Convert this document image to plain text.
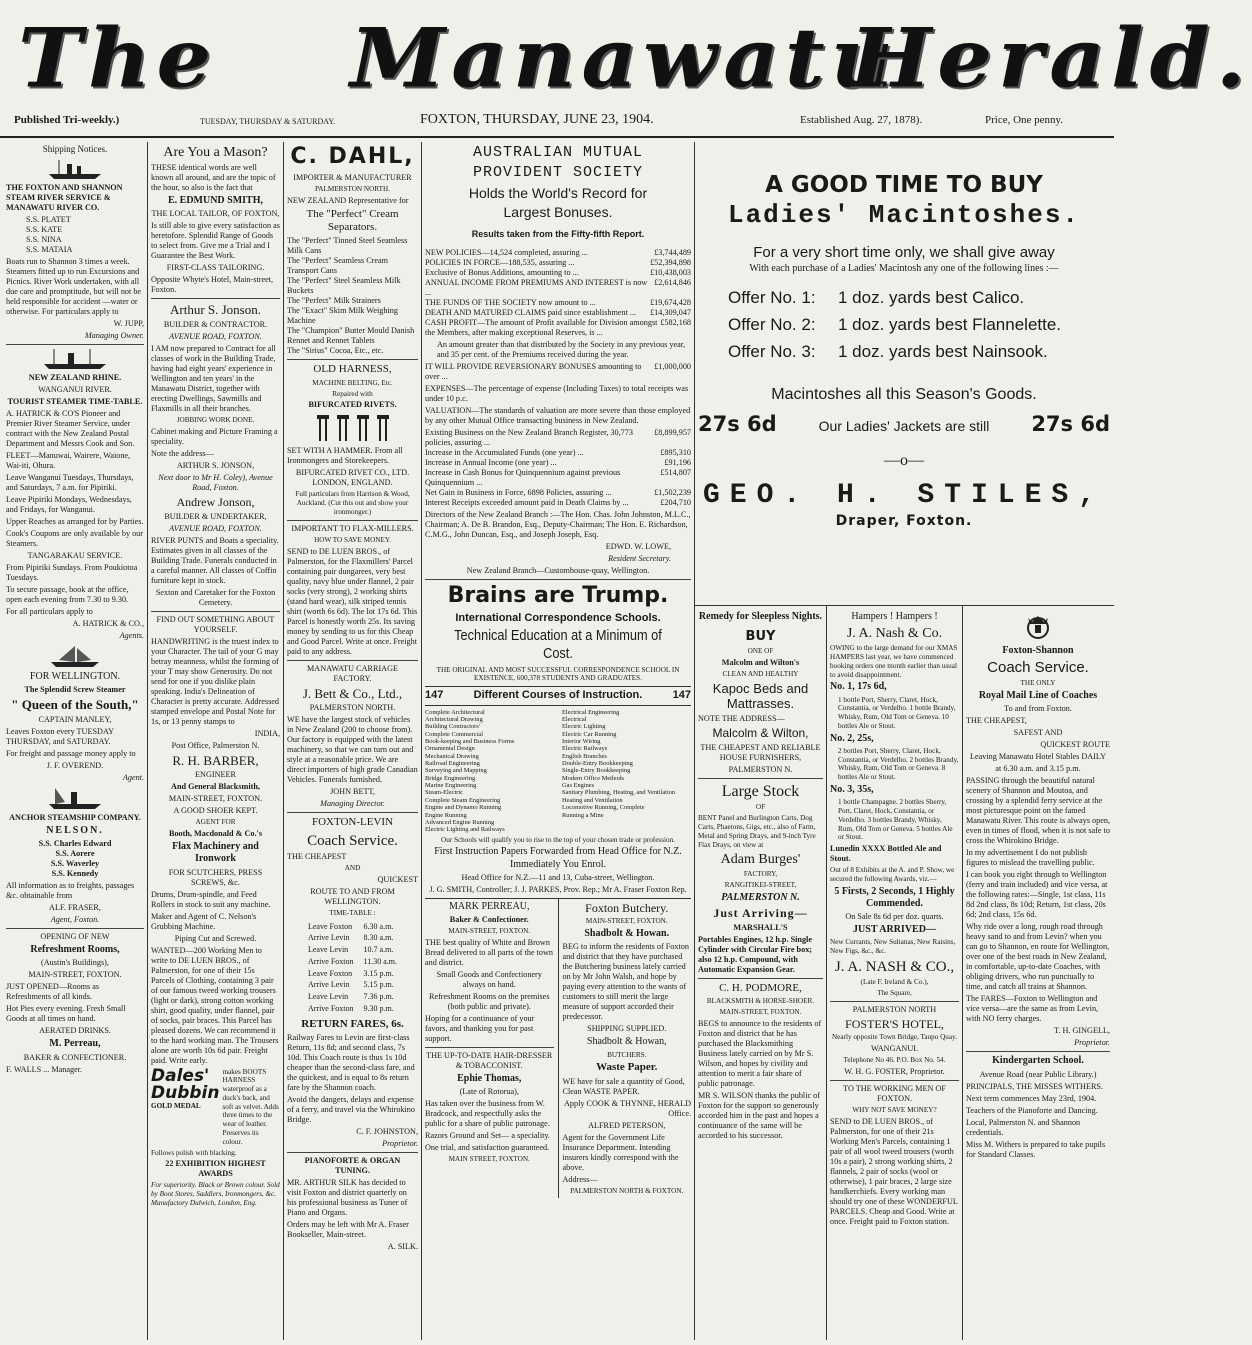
The Manawatu
Herald.
Published Tri-weekly.)	TUESDAY, THURSDAY & SATURDAY.	FOXTON, THURSDAY, JUNE 23, 1904.	Established Aug. 27, 1878).	Price, One penny.

Shipping Notices.

THE FOXTON AND SHANNON STEAM RIVER SERVICE & MANAWATU RIVER CO.

S.S. PLATET
S.S. KATE
S.S. NINA
S.S. MATAIA

Boats run to Shannon 3 times a week. Steamers fitted up to run Excursions and Picnics. River Work undertaken, with all due care and promptitude, but will not be held responsible for accident —water or otherwise. For particulars apply to

W. JUPP,

Managing Owner.

NEW ZEALAND RHINE.

WANGANUI RIVER.

TOURIST STEAMER TIME-TABLE.

A. HATRICK & CO'S Pioneer and Premier River Steamer Service, under contract with the New Zealand Postal Department and Messrs Cook and Son.

FLEET—Manuwai, Wairere, Waione, Wai-iti, Ohura.

Leave Wanganui Tuesdays, Thursdays, and Saturdays, 7 a.m. for Pipiriki.

Leave Pipiriki Mondays, Wednesdays, and Fridays, for Wanganui.

Upper Reaches as arranged for by Parties.

Cook's Coupons are only available by our Steamers.

TANGARAKAU SERVICE.

From Pipiriki Sundays. From Poukiotoa Tuesdays.

To secure passage, book at the office, open each evening from 7.30 to 9.30.

For all particulars apply to

A. HATRICK & CO.,

Agents.

FOR WELLINGTON.

The Splendid Screw Steamer

" Queen of the South,"

CAPTAIN MANLEY,

Leaves Foxton every TUESDAY THURSDAY, and SATURDAY.

For freight and passage money apply to

J. F. OVEREND.

Agent.

ANCHOR STEAMSHIP COMPANY.

NELSON.

S.S. Charles Edward
S.S. Aorere
S.S. Waverley
S.S. Kennedy

All information as to freights, passages &c. obtainable from

ALF. FRASER,

Agent, Foxton.

OPENING OF NEW

Refreshment Rooms,

(Austin's Buildings),

MAIN-STREET, FOXTON.

JUST OPENED—Rooms as Refreshments of all kinds.

Hot Pies every evening. Fresh Small Goods at all times on hand.

AERATED DRINKS.

M. Perreau,

BAKER & CONFECTIONER.

F. WALLS ... Manager.

Are You a Mason?

THESE identical words are well known all around, and are the topic of the hour, so also is the fact that

E. EDMUND SMITH,

THE LOCAL TAILOR, OF FOXTON,

Is still able to give every satisfaction as heretofore. Splendid Range of Goods to select from. Give me a Trial and I Guarantee the Best Work.

FIRST-CLASS TAILORING.

Opposite Whyte's Hotel, Main-street, Foxton.

Arthur S. Jonson.

BUILDER & CONTRACTOR.

AVENUE ROAD, FOXTON.

I AM now prepared to Contract for all classes of work in the Building Trade, having had eight years' experience in Wellington and ten years' in the Manawatu District, together with erecting Dwellings, Sawmills and Flaxmills in all their branches.

JOBBING WORK DONE.

Cabinet making and Picture Framing a speciality.

Note the address—

ARTHUR S. JONSON,

Next door to Mr H. Coley), Avenue Road, Foxton.

Andrew Jonson,

BUILDER & UNDERTAKER,

AVENUE ROAD, FOXTON.

RIVER PUNTS and Boats a speciality. Estimates given in all classes of the Building Trade. Funerals conducted in a careful manner. All classes of Coffin furniture kept in stock.

Sexton and Caretaker for the Foxton Cemetery.

FIND OUT SOMETHING ABOUT YOURSELF.

HANDWRITING is the truest index to your Character. The tail of your G may betray meanness, whilst the forming of your T may show Generosity. Do not send for one if you dislike plain speaking. India's Delineation of Character is pretty accurate. Addressed stamped envelope and Postal Note for 1s, or 13 penny stamps to

INDIA,

Post Office, Palmerston N.

R. H. BARBER,

ENGINEER

And General Blacksmith,

MAIN-STREET, FOXTON.

A GOOD SHOER KEPT.

AGENT FOR

Booth, Macdonald & Co.'s

Flax Machinery and Ironwork

FOR SCUTCHERS, PRESS SCREWS, &c.

Drums, Drum-spindle, and Feed Rollers in stock to suit any machine.

Maker and Agent of C. Nelson's Grubbing Machine.

Piping Cut and Screwed.

WANTED—200 Working Men to write to DE LUEN BROS., of Palmerston, for one of their 15s Parcels of Clothing, containing 3 pair of our famous tweed working trousers (light or dark), strong cotton working shirt, good quality, under flannel, pair of socks, pair braces. This Parcel has pleased dozens. We can recommend it to the hard working man. The Trousers alone are worth 10s 6d pair. Freight paid. Write early.

Dales' Dubbin
GOLD MEDAL
makes BOOTS HARNESS waterproof as a duck's back, and soft as velvet. Adds three times to the wear of leather. Preserves its colour.

Follows polish with blacking.

22 EXHIBITION HIGHEST AWARDS

For superiority. Black or Brown colour. Sold by Boot Stores, Saddlers, Ironmongers, &c. Manufactory Dulwich, London, Eng.

C. DAHL,

IMPORTER & MANUFACTURER

PALMERSTON NORTH.

NEW ZEALAND Representative for

The "Perfect" Cream Separators.

The "Perfect" Tinned Steel Seamless Milk Cans
The "Perfect" Seamless Cream Transport Cans
The "Perfect" Steel Seamless Milk Buckets
The "Perfect" Milk Strainers
The "Exact" Skim Milk Weighing Machine
The "Champion" Butter Mould Danish Rennet and Rennet Tablets
The "Sirius" Cocoa, Etc., etc.

OLD HARNESS,

MACHINE BELTING, Etc.

Repaired with

BIFURCATED RIVETS.

SET WITH A HAMMER. From all Ironmongers and Storekeepers.

BIFURCATED RIVET CO., LTD. LONDON, ENGLAND.

Full particulars from Harrison & Wood, Auckland. (Cut this out and show your ironmonger.)

IMPORTANT TO FLAX-MILLERS.

HOW TO SAVE MONEY.

SEND to DE LUEN BROS., of Palmerston, for the Flaxmillers' Parcel containing pair dungarees, very best quality, navy blue under flannel, 2 pair socks (very strong), 2 working shirts (stand hard wear), silk striped tennis shirt (worth 6s 6d). The lot 17s 6d. This Parcel is honestly worth 25s. Its saving money by sending to us for this Cheap and Good Parcel. Write at once. Freight paid to any address.

MANAWATU CARRIAGE FACTORY.

J. Bett & Co., Ltd.,

PALMERSTON NORTH.

WE have the largest stock of vehicles in New Zealand (200 to choose from). Our factory is equipped with the latest machinery, so that we can turn out and style at a reasonable price. We are direct importers of high grade Canadian Vehicles. Funerals furnished.

JOHN BETT,

Managing Director.

FOXTON-LEVIN

Coach Service.

THE CHEAPEST

AND

QUICKEST

ROUTE TO AND FROM WELLINGTON.

TIME-TABLE :

Leave Foxton	6.30 a.m.
Arrive Levin	8.30 a.m.
Leave Levin	10.7 a.m.
Arrive Foxton	11.30 a.m.
Leave Foxton	3.15 p.m.
Arrive Levin	5.15 p.m.
Leave Levin	7.36 p.m.
Arrive Foxton	9.30 p.m.

RETURN FARES, 6s.

Railway Fares to Levin are first-class Return, 11s 8d; and second class, 7s 10d. This Coach route is thus 1s 10d cheaper than the second-class fare, and the quickest, and is equal to 8s return fare by the Shannon coach.

Avoid the dangers, delays and expense of a ferry, and travel via the Whirokino Bridge.

C. F. JOHNSTON,

Proprietor.

PIANOFORTE & ORGAN TUNING.

MR. ARTHUR SILK has decided to visit Foxton and district quarterly on his professional business as Tuner of Piano and Organs.

Orders may be left with Mr A. Fraser Bookseller, Main-street.

A. SILK.

AUSTRALIAN MUTUAL

PROVIDENT SOCIETY

Holds the World's Record for

Largest Bonuses.

Results taken from the Fifty-fifth Report.

NEW POLICIES—14,524 completed, assuring ...	£3,744,489
POLICIES IN FORCE—188,535, assuring ...	£52,394,898
Exclusive of Bonus Additions, amounting to ...	£10,438,003
ANNUAL INCOME FROM PREMIUMS AND INTEREST is now ...
£2,614,846
THE FUNDS OF THE SOCIETY now amount to ...	£19,674,428
DEATH AND MATURED CLAIMS paid since establishment ... £14,309,047
CASH PROFIT—The amount of Profit available for Division amongst the Members, after making exceptional Reserves, is ...
£582,168

An amount greater than that distributed by the Society in any previous year, and 35 per cent. of the Premiums received during the year.

IT WILL PROVIDE REVERSIONARY BONUSES amounting to over ...
£1,000,000

EXPENSES—The percentage of expense (Including Taxes) to total receipts was under 10 p.c.

VALUATION—The standards of valuation are more severe than those employed by any other Mutual Office transacting business in New Zealand.

Existing Business on the New Zealand Branch Register, 30,773 policies, assuring ...
£8,899,957
Increase in the Accumulated Funds (one year) ...	£895,310
Increase in Annual Income (one year) ...	£91,196
Increase in Cash Bonus for Quinquennium against previous Quinquennium ...
£514,807
Net Gain in Business in Force, 6898 Policies, assuring ...	£1,502,239
Interest Receipts exceeded amount paid in Death Claims by ...	£204,710

Directors of the New Zealand Branch :—The Hon. Chas. John Johnston, M.L.C., Chairman; A. De B. Brandon, Esq., Deputy-Chairman; The Hon. E. Richardson, C.M.G., John Duncan, Esq., and Joseph Joseph, Esq.

EDWD. W. LOWE,

Resident Secretary.

New Zealand Branch—Customhouse-quay, Wellington.

Brains are Trump.

International Correspondence Schools.

Technical Education at a Minimum of Cost.

THE ORIGINAL AND MOST SUCCESSFUL CORRESPONDENCE SCHOOL IN EXISTENCE, 600,378 STUDENTS AND GRADUATES.

147	Different Courses of Instruction.	147
Complete Architectural
Architectural Drawing
Building Contractors'
Complete Commercial
Book-keeping and Business Forms
Ornamental Design
Mechanical Drawing
Railroad Engineering
Surveying and Mapping
Bridge Engineering
Marine Engineering
Steam-Electric
Complete Steam Engineering
Engine and Dynamo Running
Engine Running
Advanced Engine Running
Electric Lighting and Railways
Electrical Engineering
Electrical
Electric Lighting
Electric Car Running
Interior Wiring
Electric Railways
English Branches
Double-Entry Bookkeeping
Single-Entry Bookkeeping
Modern Office Methods
Gas Engines
Sanitary Plumbing, Heating, and Ventilation
Heating and Ventilation
Locomotive Running, Complete
Running a Mine

Our Schools will qualify you to rise to the top of your chosen trade or profession.

First Instruction Papers Forwarded from Head Office for N.Z. Immediately You Enrol.

Head Office for N.Z.—11 and 13, Cuba-street, Wellington.

J. G. SMITH, Controller; J. J. PARKES, Prov. Rep.; Mr A. Fraser Foxton Rep.

MARK PERREAU,

Baker & Confectioner.

MAIN-STREET, FOXTON.

THE best quality of White and Brown Bread delivered to all parts of the town and district.

Small Goods and Confectionery always on hand.

Refreshment Rooms on the premises (both public and private).

Hoping for a continuance of your favors, and thanking you for past support.

THE UP-TO-DATE HAIR-DRESSER & TOBACCONIST.

Ephie Thomas,

(Late of Rotorua),

Has taken over the business from W. Bradcock, and respectfully asks the public for a share of public patronage.

Razors Ground and Set— a speciality.

One trial, and satisfaction guaranteed.

MAIN STREET, FOXTON.

Foxton Butchery.

MAIN-STREET, FOXTON.

Shadbolt & Howan.

BEG to inform the residents of Foxton and district that they have purchased the Butchering business lately carried on by Mr John Walsh, and hope by paying every attention to the wants of customers to still merit the large measure of support accorded their predecessor.

SHIPPING SUPPLIED.

Shadbolt & Howan,

BUTCHERS.

Waste Paper.

WE have for sale a quantity of Good, Clean WASTE PAPER.

Apply COOK & THYNNE, HERALD Office.

ALFRED PETERSON,

Agent for the Government Life Insurance Department. Intending insurers kindly correspond with the above.

Address—

PALMERSTON NORTH & FOXTON.

A GOOD TIME TO BUY

Ladies' Macintoshes.

For a very short time only, we shall give away

With each purchase of a Ladies' Macintosh any one of the following lines :—

Offer No. 1: 1 doz. yards best Calico.
Offer No. 2: 1 doz. yards best Flannelette.
Offer No. 3: 1 doz. yards best Nainsook.

Macintoshes all this Season's Goods.

27s 6d	Our Ladies' Jackets are still 27s 6d

—o—

GEO. H. STILES,

Draper, Foxton.

Remedy for Sleepless Nights.

BUY

ONE OF

Malcolm and Wilton's

CLEAN AND HEALTHY

Kapoc Beds and Mattrasses.

NOTE THE ADDRESS—

Malcolm & Wilton,

THE CHEAPEST AND RELIABLE HOUSE FURNISHERS,

PALMERSTON N.

Large Stock

OF

BENT Panel and Burlington Carts, Dog Carts, Phaetons, Gigs, etc., also of Farm, Metal and Spring Drays, and 9-inch Tyre Flax Drays, on view at

Adam Burges'

FACTORY,

RANGITIKEI-STREET,

PALMERSTON N.

Just Arriving—

MARSHALL'S

Portables Engines, 12 h.p. Single Cylinder with Circular Fire box; also 12 h.p. Compound, with Automatic Expansion Gear.

C. H. PODMORE,

BLACKSMITH & HORSE-SHOER.

MAIN-STREET, FOXTON.

BEGS to announce to the residents of Foxton and district that he has purchased the Blacksmithing Business lately carried on by Mr S. Wilson, and hopes by civility and attention to merit a fair share of public patronage.

MR S. WILSON thanks the public of Foxton for the support so generously accorded him in the past and hopes a continuance of the same will be accorded to his successor.

Hampers ! Hampers !

J. A. Nash & Co.

OWING to the large demand for our XMAS HAMPERS last year, we have commenced booking orders one month earlier than usual to avoid disappointment.

No. 1, 17s 6d,

1 bottle Port, Sherry, Claret, Hock, Constantia, or Verdelho. 1 bottle Brandy, Whisky, Rum, Old Tom or Geneva. 10 bottles Ale or Stout.

No. 2, 25s,

2 bottles Port, Sherry, Claret, Hock, Constantia, or Verdelho. 2 bottles Brandy, Whisky, Rum, Old Tom or Geneva. 8 bottles Ale or Stout.

No. 3, 35s,

1 bottle Champagne. 2 bottles Sherry, Port, Claret, Hock, Constantia, or Verdelho. 3 bottles Brandy, Whisky, Rum, Old Tom or Geneva. 5 bottles Ale or Stout.

Lunedin XXXX Bottled Ale and Stout.

Out of 8 Exhibits at the A. and P. Show, we secured the following Awards, viz.—

5 Firsts, 2 Seconds, 1 Highly Commended.

On Sale 8s 6d per doz. quarts.

JUST ARRIVED—

New Currants, New Sultanas, New Raisins, New Figs, &c., &c.

J. A. NASH & CO.,

(Late F. Ireland & Co.),

The Square,

PALMERSTON NORTH

FOSTER'S HOTEL,

Nearly opposite Town Bridge, Taupo Quay.

WANGANUI.

Telephone No 46. P.O. Box No. 54.

W. H. G. FOSTER, Proprietor.

TO THE WORKING MEN OF FOXTON.

WHY NOT SAVE MONEY?

SEND to DE LUEN BROS., of Palmerston, for one of their 21s Working Men's Parcels, containing 1 pair of all wool tweed trousers (worth 10s a pair), 2 strong working shirts, 2 flannels, 2 pair of socks (wool or otherwise), 1 pair braces, 2 large size handkerchiefs. Every working man should try one of these WONDERFUL PARCELS. Cheap and Good. Write at once. Freight paid to Foxton station.

Foxton-Shannon

Coach Service.

THE ONLY

Royal Mail Line of Coaches

To and from Foxton.

THE CHEAPEST,

SAFEST AND

QUICKEST ROUTE

Leaving Manawatu Hotel Stables DAILY

at 6.30 a.m. and 3.15 p.m.

PASSING through the beautiful natural scenery of Shannon and Moutoa, and crossing by a splendid ferry service at the most picturesque point on the famed Manawatu River. This route is always open, even in times of flood, when it is not safe to cross the Whirokino Bridge.

In my advertisement I do not publish figures to mislead the travelling public.

I can book you right through to Wellington (ferry and train included) and vice versa, at the following rates:—Single, 1st class, 11s 8d 2nd class, 8s 10d; Return, 1st class, 20s 6d; 2nd class, 15s 6d.

Why ride over a long, rough road through heavy sand to and from Levin? when you can go to Shannon, en route for Wellington, over one of the best roads in New Zealand, in comfortable, up-to-date Coaches, with obliging drivers, who run punctually to time, and catch all trains at Shannon.

The FARES—Foxton to Wellington and vice versa—are the same as from Levin, with NO ferry charges.

T. H. GINGELL,

Proprietor.

Kindergarten School.

Avenue Road (near Public Library.)

PRINCIPALS, THE MISSES WITHERS.

Next term commences May 23rd, 1904.

Teachers of the Pianoforte and Dancing.

Local, Palmerston N. and Shannon credentials.

Miss M. Withers is prepared to take pupils for Standard Classes.
